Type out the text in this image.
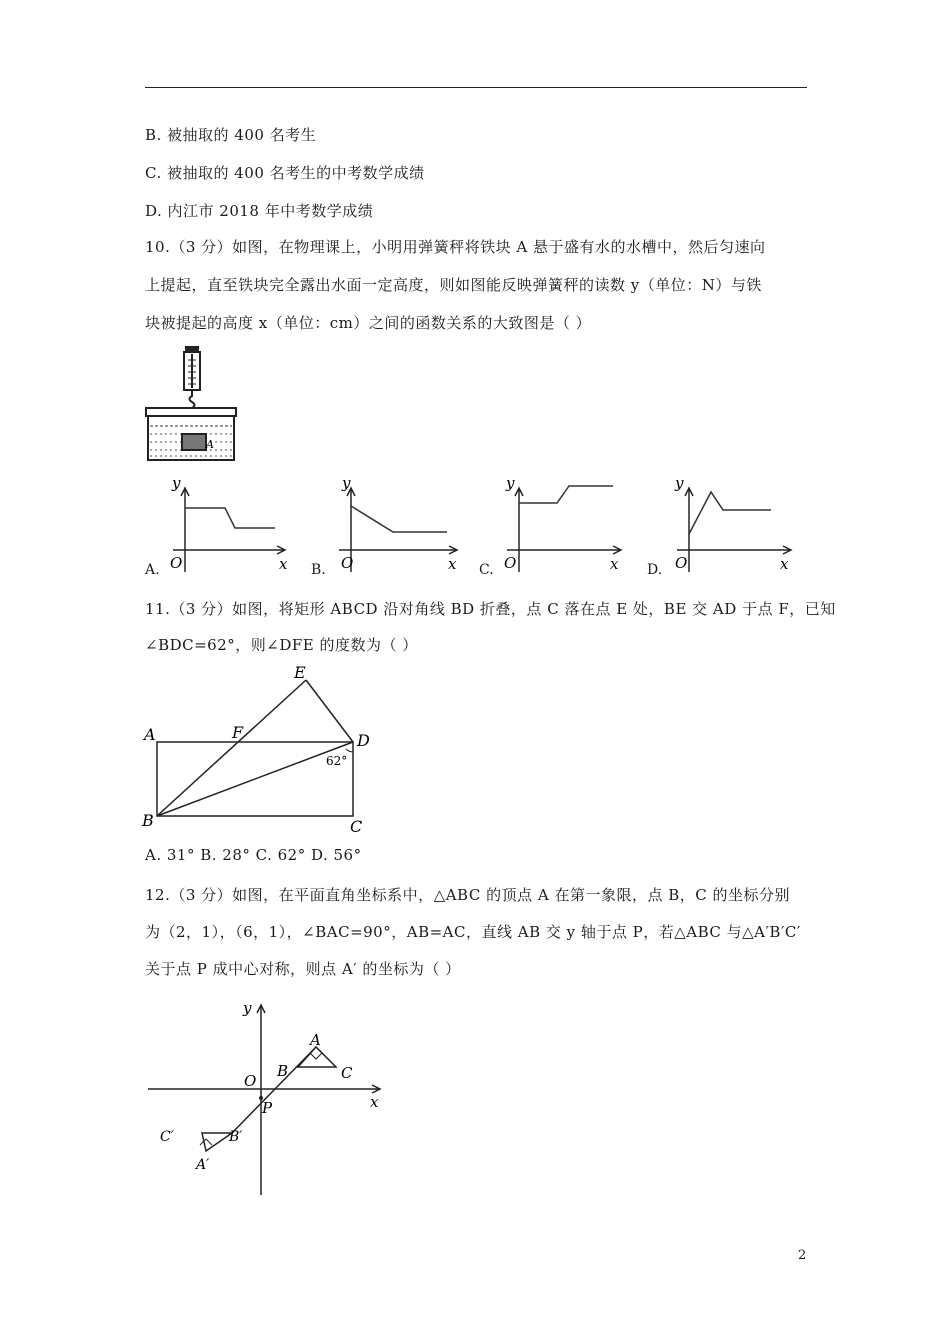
B. 被抽取的 400 名考生
C. 被抽取的 400 名考生的中考数学成绩
D. 内江市 2018 年中考数学成绩
10.（3 分）如图，在物理课上，小明用弹簧秤将铁块 A 悬于盛有水的水槽中，然后匀速向
上提起，直至铁块完全露出水面一定高度，则如图能反映弹簧秤的读数 y（单位：N）与铁
块被提起的高度 x（单位：cm）之间的函数关系的大致图是（ ）
A
y
x
O
y
x
O
y
x
O
y
x
O
A.	B.	C.	D.
11.（3 分）如图，将矩形 ABCD 沿对角线 BD 折叠，点 C 落在点 E 处，BE 交 AD 于点 F，已知
∠BDC=62°，则∠DFE 的度数为（ ）
A
B	C
D
E
F
62°
A. 31° B. 28° C. 62° D. 56°
12.（3 分）如图，在平面直角坐标系中，△ABC 的顶点 A 在第一象限，点 B，C 的坐标分别
为（2，1），（6，1），∠BAC=90°，AB=AC，直线 AB 交 y 轴于点 P，若△ABC 与△A′B′C′
关于点 P 成中心对称，则点 A′ 的坐标为（ ）
y
x
O
P
A
B	C
A′
B′
C′
2
